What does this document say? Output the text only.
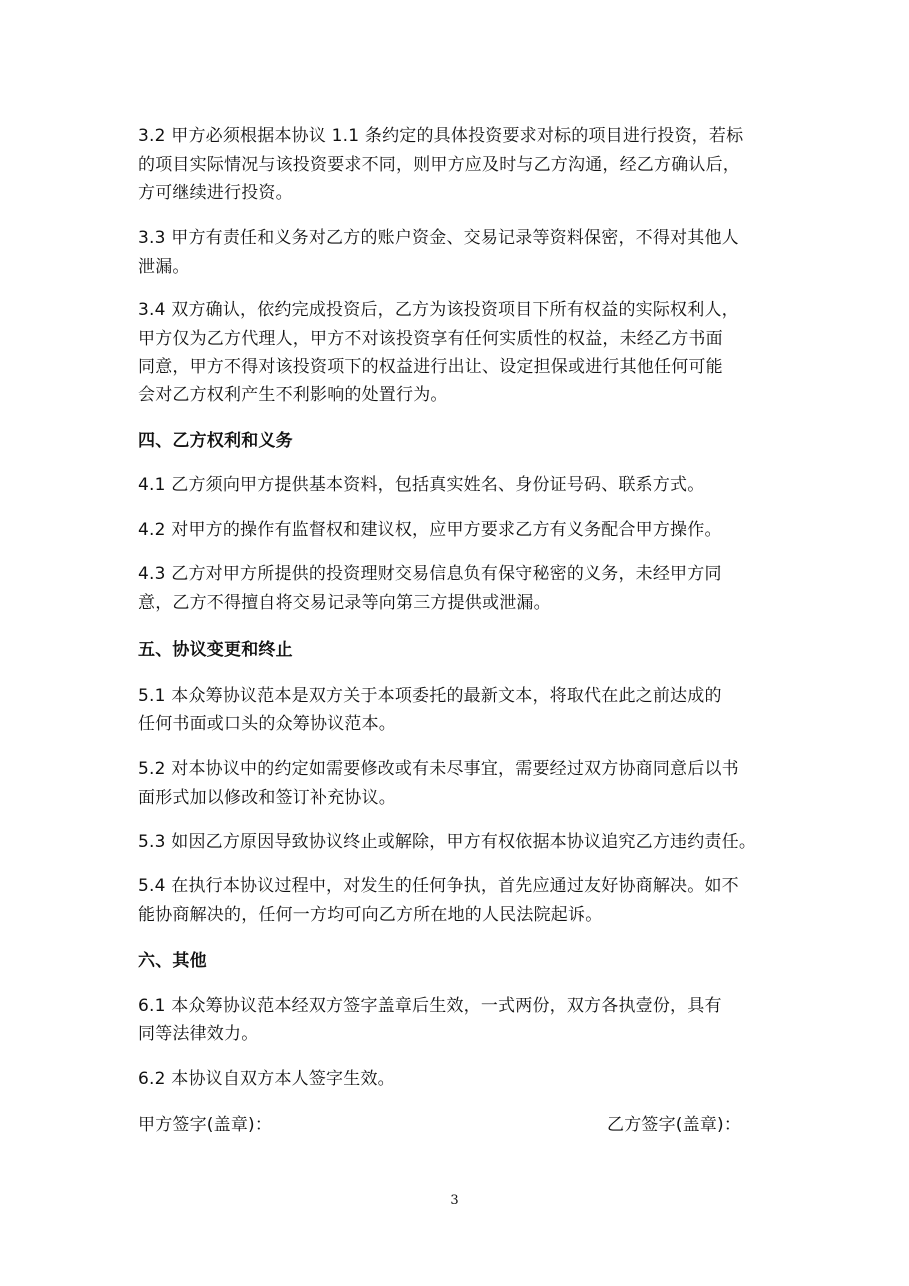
3.2 甲方必须根据本协议 1.1 条约定的具体投资要求对标的项目进行投资，若标
的项目实际情况与该投资要求不同，则甲方应及时与乙方沟通，经乙方确认后，
方可继续进行投资。
3.3 甲方有责任和义务对乙方的账户资金、交易记录等资料保密，不得对其他人
泄漏。
3.4 双方确认，依约完成投资后，乙方为该投资项目下所有权益的实际权利人，
甲方仅为乙方代理人，甲方不对该投资享有任何实质性的权益，未经乙方书面
同意，甲方不得对该投资项下的权益进行出让、设定担保或进行其他任何可能
会对乙方权利产生不利影响的处置行为。
四、乙方权利和义务
4.1 乙方须向甲方提供基本资料，包括真实姓名、身份证号码、联系方式。
4.2 对甲方的操作有监督权和建议权，应甲方要求乙方有义务配合甲方操作。
4.3 乙方对甲方所提供的投资理财交易信息负有保守秘密的义务，未经甲方同
意，乙方不得擅自将交易记录等向第三方提供或泄漏。
五、协议变更和终止
5.1 本众筹协议范本是双方关于本项委托的最新文本，将取代在此之前达成的
任何书面或口头的众筹协议范本。
5.2 对本协议中的约定如需要修改或有未尽事宜，需要经过双方协商同意后以书
面形式加以修改和签订补充协议。
5.3 如因乙方原因导致协议终止或解除，甲方有权依据本协议追究乙方违约责任。
5.4 在执行本协议过程中，对发生的任何争执，首先应通过友好协商解决。如不
能协商解决的，任何一方均可向乙方所在地的人民法院起诉。
六、其他
6.1 本众筹协议范本经双方签字盖章后生效，一式两份，双方各执壹份，具有
同等法律效力。
6.2 本协议自双方本人签字生效。
甲方签字(盖章)：	乙方签字(盖章)：
3
